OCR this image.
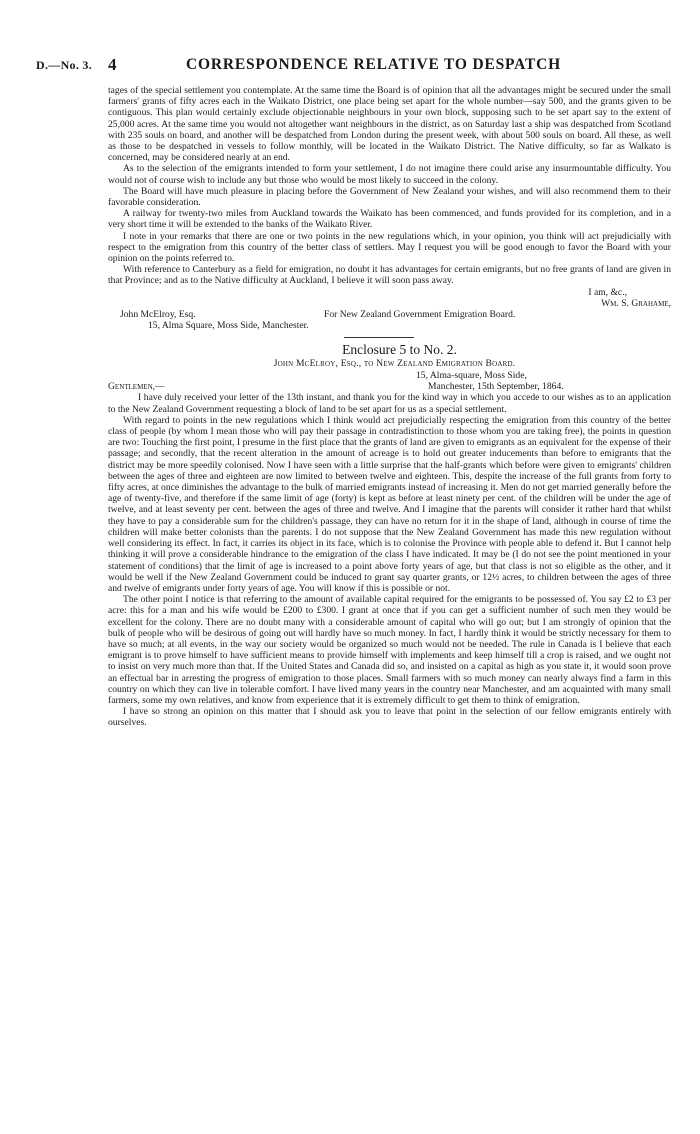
D.—No. 3. 4	CORRESPONDENCE RELATIVE TO DESPATCH

tages of the special settlement you contemplate. At the same time the Board is of opinion that all the advantages might be secured under the small farmers' grants of fifty acres each in the Waikato District, one place being set apart for the whole number—say 500, and the grants given to be contiguous. This plan would certainly exclude objectionable neighbours in your own block, supposing such to be set apart say to the extent of 25,000 acres. At the same time you would not altogether want neighbours in the district, as on Saturday last a ship was despatched from Scotland with 235 souls on board, and another will be despatched from London during the present week, with about 500 souls on board. All these, as well as those to be despatched in vessels to follow monthly, will be located in the Waikato District. The Native difficulty, so far as Walkato is concerned, may be considered nearly at an end.

As to the selection of the emigrants intended to form your settlement, I do not imagine there could arise any insurmountable difficulty. You would not of course wish to include any but those who would be most likely to succeed in the colony.

The Board will have much pleasure in placing before the Government of New Zealand your wishes, and will also recommend them to their favorable consideration.

A railway for twenty-two miles from Auckland towards the Waikato has been commenced, and funds provided for its completion, and in a very short time it will be extended to the banks of the Waikato River.

I note in your remarks that there are one or two points in the new regulations which, in your opinion, you think will act prejudicially with respect to the emigration from this country of the better class of settlers. May I request you will be good enough to favor the Board with your opinion on the points referred to.

With reference to Canterbury as a field for emigration, no doubt it has advantages for certain emigrants, but no free grants of land are given in that Province; and as to the Native difficulty at Auckland, I believe it will soon pass away.

I am, &c.,

Wm. S. Grahame,

John McElroy, Esq.	For New Zealand Government Emigration Board.
15, Alma Square, Moss Side, Manchester.
Enclosure 5 to No. 2.
John McElroy, Esq., to New Zealand Emigration Board.

15, Alma-square, Moss Side,

Gentlemen,—	Manchester, 15th September, 1864.

I have duly received your letter of the 13th instant, and thank you for the kind way in which you accede to our wishes as to an application to the New Zealand Government requesting a block of land to be set apart for us as a special settlement.

With regard to points in the new regulations which I think would act prejudicially respecting the emigration from this country of the better class of people (by whom I mean those who will pay their passage in contradistinction to those whom you are taking free), the points in question are two: Touching the first point, I presume in the first place that the grants of land are given to emigrants as an equivalent for the expense of their passage; and secondly, that the recent alteration in the amount of acreage is to hold out greater inducements than before to emigrants that the district may be more speedily colonised. Now I have seen with a little surprise that the half-grants which before were given to emigrants' children between the ages of three and eighteen are now limited to between twelve and eighteen. This, despite the increase of the full grants from forty to fifty acres, at once diminishes the advantage to the bulk of married emigrants instead of increasing it. Men do not get married generally before the age of twenty-five, and therefore if the same limit of age (forty) is kept as before at least ninety per cent. of the children will be under the age of twelve, and at least seventy per cent. between the ages of three and twelve. And I imagine that the parents will consider it rather hard that whilst they have to pay a considerable sum for the children's passage, they can have no return for it in the shape of land, although in course of time the children will make better colonists than the parents. I do not suppose that the New Zealand Government has made this new regulation without well considering its effect. In fact, it carries its object in its face, which is to colonise the Province with people able to defend it. But I cannot help thinking it will prove a considerable hindrance to the emigration of the class I have indicated. It may be (I do not see the point mentioned in your statement of conditions) that the limit of age is increased to a point above forty years of age, but that class is not so eligible as the other, and it would be well if the New Zealand Government could be induced to grant say quarter grants, or 12½ acres, to children between the ages of three and twelve of emigrants under forty years of age. You will know if this is possible or not.

The other point I notice is that referring to the amount of available capital required for the emigrants to be possessed of. You say £2 to £3 per acre: this for a man and his wife would be £200 to £300. I grant at once that if you can get a sufficient number of such men they would be excellent for the colony. There are no doubt many with a considerable amount of capital who will go out; but I am strongly of opinion that the bulk of people who will be desirous of going out will hardly have so much money. In fact, I hardly think it would be strictly necessary for them to have so much; at all events, in the way our society would be organized so much would not be needed. The rule in Canada is I believe that each emigrant is to prove himself to have sufficient means to provide himself with implements and keep himself till a crop is raised, and we ought not to insist on very much more than that. If the United States and Canada did so, and insisted on a capital as high as you state it, it would soon prove an effectual bar in arresting the progress of emigration to those places. Small farmers with so much money can nearly always find a farm in this country on which they can live in tolerable comfort. I have lived many years in the country near Manchester, and am acquainted with many small farmers, some my own relatives, and know from experience that it is extremely difficult to get them to think of emigration.

I have so strong an opinion on this matter that I should ask you to leave that point in the selection of our fellow emigrants entirely with ourselves.
